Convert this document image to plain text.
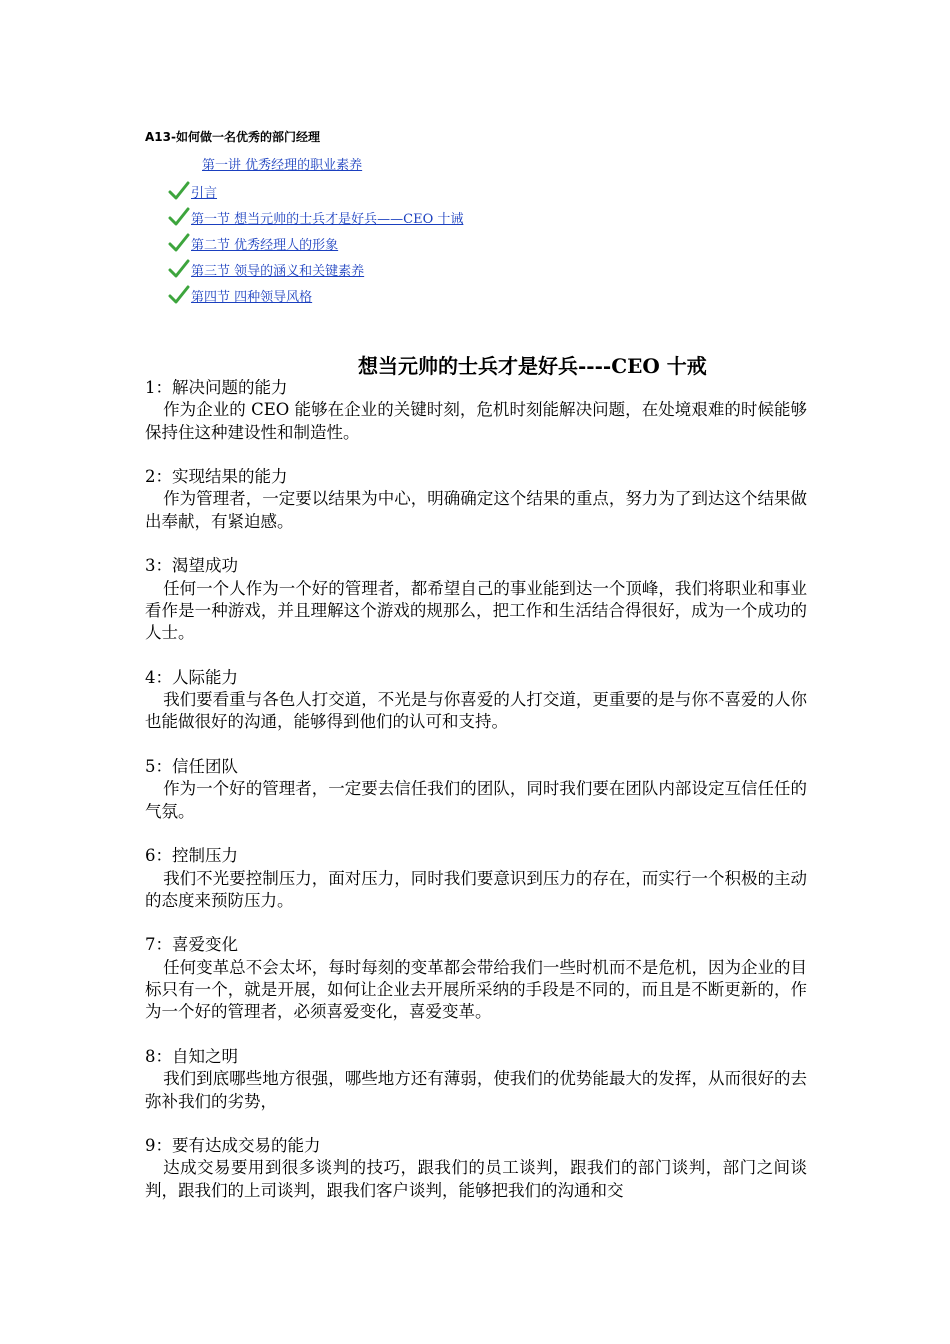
A13-如何做一名优秀的部门经理
第一讲 优秀经理的职业素养
引言
第一节 想当元帅的士兵才是好兵——CEO 十诫
第二节 优秀经理人的形象
第三节 领导的涵义和关键素养
第四节 四种领导风格
想当元帅的士兵才是好兵----CEO 十戒
1：解决问题的能力
作为企业的 CEO 能够在企业的关键时刻，危机时刻能解决问题，在处境艰难的时候能够保持住这种建设性和制造性。
2：实现结果的能力
作为管理者，一定要以结果为中心，明确确定这个结果的重点，努力为了到达这个结果做出奉献，有紧迫感。
3：渴望成功
任何一个人作为一个好的管理者，都希望自己的事业能到达一个顶峰，我们将职业和事业看作是一种游戏，并且理解这个游戏的规那么，把工作和生活结合得很好，成为一个成功的人士。
4：人际能力
我们要看重与各色人打交道，不光是与你喜爱的人打交道，更重要的是与你不喜爱的人你也能做很好的沟通，能够得到他们的认可和支持。
5：信任团队
作为一个好的管理者，一定要去信任我们的团队，同时我们要在团队内部设定互信任任的气氛。
6：控制压力
我们不光要控制压力，面对压力，同时我们要意识到压力的存在，而实行一个积极的主动的态度来预防压力。
7：喜爱变化
任何变革总不会太坏，每时每刻的变革都会带给我们一些时机而不是危机，因为企业的目标只有一个，就是开展，如何让企业去开展所采纳的手段是不同的，而且是不断更新的，作为一个好的管理者，必须喜爱变化，喜爱变革。
8：自知之明
我们到底哪些地方很强，哪些地方还有薄弱，使我们的优势能最大的发挥，从而很好的去弥补我们的劣势，
9：要有达成交易的能力
达成交易要用到很多谈判的技巧，跟我们的员工谈判，跟我们的部门谈判，部门之间谈判，跟我们的上司谈判，跟我们客户谈判，能够把我们的沟通和交
